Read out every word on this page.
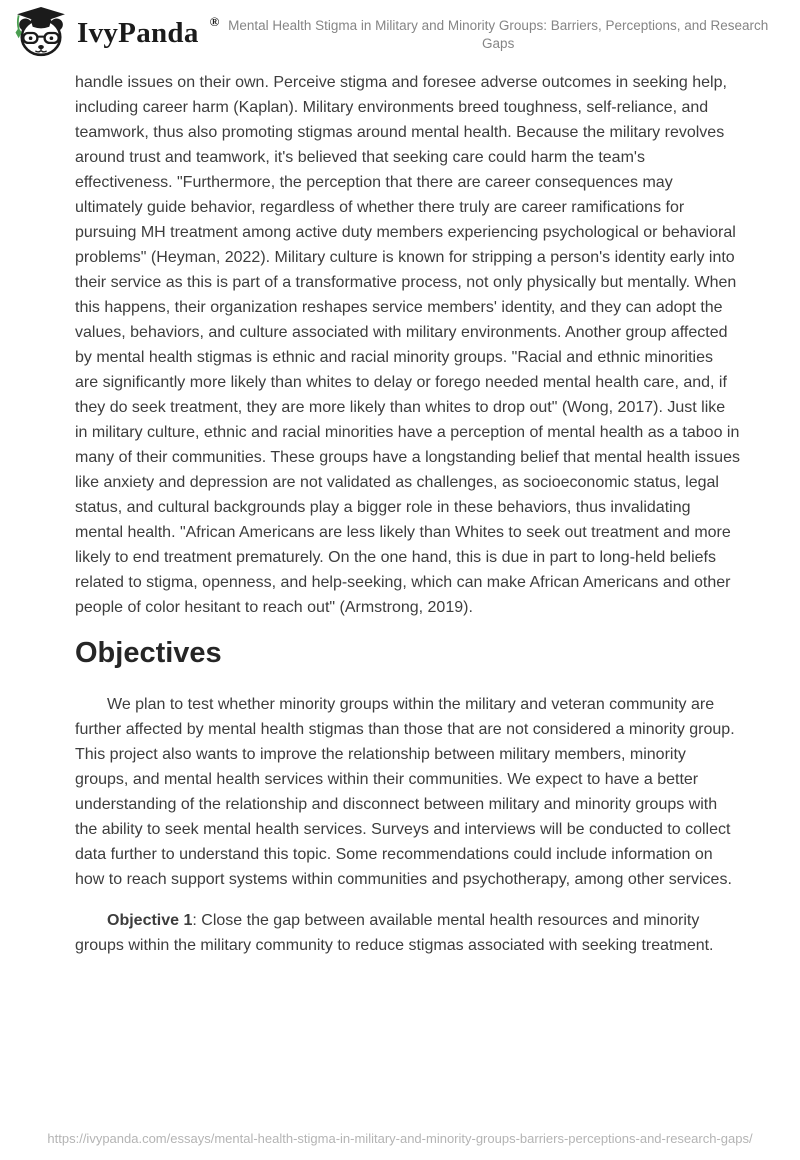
IvyPanda ® Mental Health Stigma in Military and Minority Groups: Barriers, Perceptions, and Research Gaps

handle issues on their own. Perceive stigma and foresee adverse outcomes in seeking help, including career harm (Kaplan). Military environments breed toughness, self-reliance, and teamwork, thus also promoting stigmas around mental health. Because the military revolves around trust and teamwork, it's believed that seeking care could harm the team's effectiveness. "Furthermore, the perception that there are career consequences may ultimately guide behavior, regardless of whether there truly are career ramifications for pursuing MH treatment among active duty members experiencing psychological or behavioral problems" (Heyman, 2022). Military culture is known for stripping a person's identity early into their service as this is part of a transformative process, not only physically but mentally. When this happens, their organization reshapes service members' identity, and they can adopt the values, behaviors, and culture associated with military environments. Another group affected by mental health stigmas is ethnic and racial minority groups. "Racial and ethnic minorities are significantly more likely than whites to delay or forego needed mental health care, and, if they do seek treatment, they are more likely than whites to drop out" (Wong, 2017). Just like in military culture, ethnic and racial minorities have a perception of mental health as a taboo in many of their communities. These groups have a longstanding belief that mental health issues like anxiety and depression are not validated as challenges, as socioeconomic status, legal status, and cultural backgrounds play a bigger role in these behaviors, thus invalidating mental health. "African Americans are less likely than Whites to seek out treatment and more likely to end treatment prematurely. On the one hand, this is due in part to long-held beliefs related to stigma, openness, and help-seeking, which can make African Americans and other people of color hesitant to reach out" (Armstrong, 2019).

Objectives

We plan to test whether minority groups within the military and veteran community are further affected by mental health stigmas than those that are not considered a minority group. This project also wants to improve the relationship between military members, minority groups, and mental health services within their communities. We expect to have a better understanding of the relationship and disconnect between military and minority groups with the ability to seek mental health services. Surveys and interviews will be conducted to collect data further to understand this topic. Some recommendations could include information on how to reach support systems within communities and psychotherapy, among other services.

Objective 1: Close the gap between available mental health resources and minority groups within the military community to reduce stigmas associated with seeking treatment.

https://ivypanda.com/essays/mental-health-stigma-in-military-and-minority-groups-barriers-perceptions-and-research-gaps/
